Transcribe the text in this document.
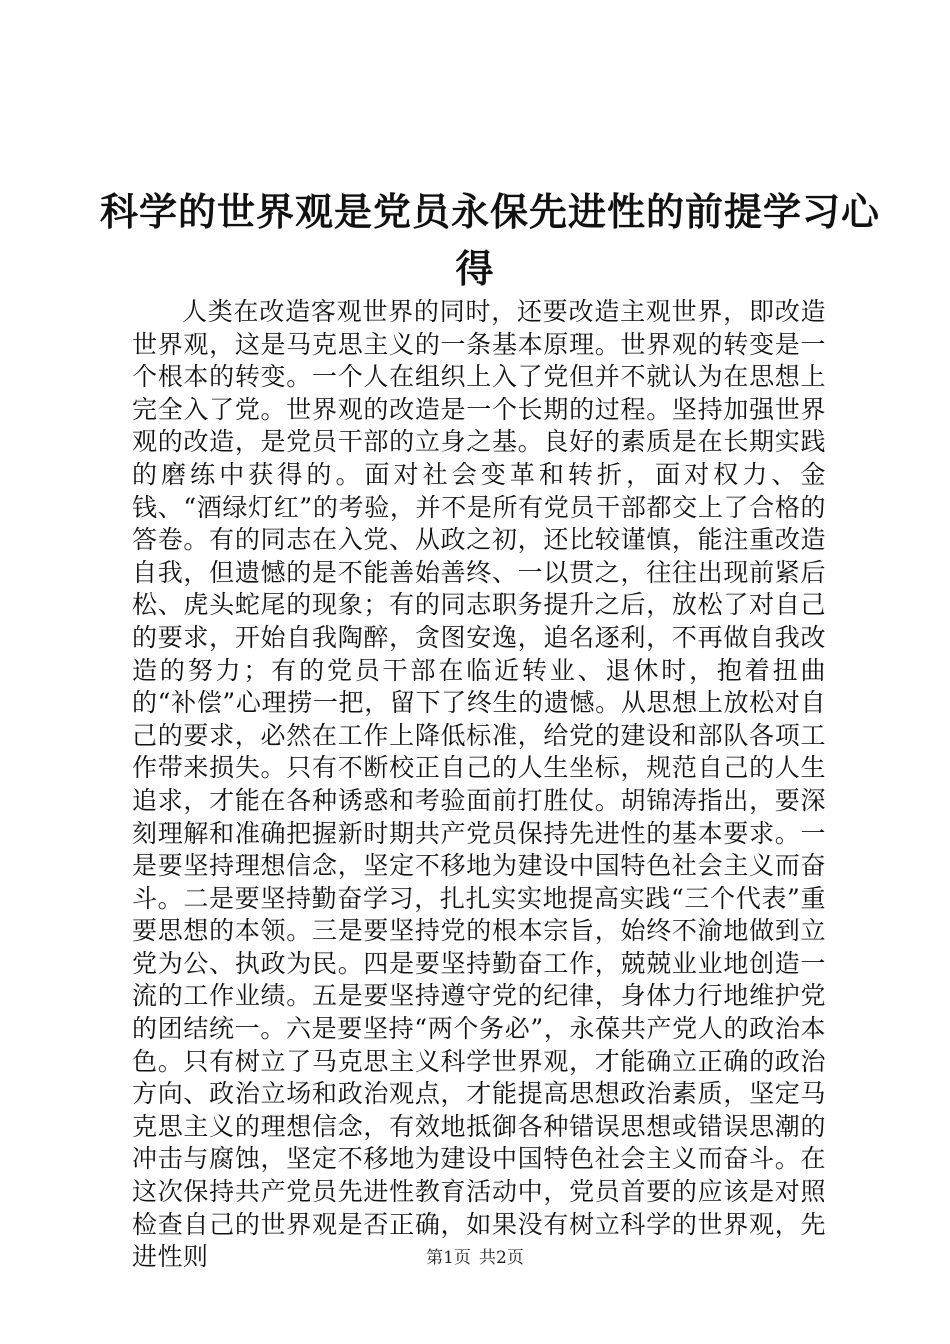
科学的世界观是党员永保先进性的前提学习心
得

人类在改造客观世界的同时，还要改造主观世界，即改造世界观，这是马克思主义的一条基本原理。世界观的转变是一个根本的转变。一个人在组织上入了党但并不就认为在思想上完全入了党。世界观的改造是一个长期的过程。坚持加强世界观的改造，是党员干部的立身之基。良好的素质是在长期实践的磨练中获得的。面对社会变革和转折，面对权力、金钱、“酒绿灯红”的考验，并不是所有党员干部都交上了合格的答卷。有的同志在入党、从政之初，还比较谨慎，能注重改造自我，但遗憾的是不能善始善终、一以贯之，往往出现前紧后松、虎头蛇尾的现象；有的同志职务提升之后，放松了对自己的要求，开始自我陶醉，贪图安逸，追名逐利，不再做自我改造的努力；有的党员干部在临近转业、退休时，抱着扭曲的“补偿”心理捞一把，留下了终生的遗憾。从思想上放松对自己的要求，必然在工作上降低标准，给党的建设和部队各项工作带来损失。只有不断校正自己的人生坐标，规范自己的人生追求，才能在各种诱惑和考验面前打胜仗。胡锦涛指出，要深刻理解和准确把握新时期共产党员保持先进性的基本要求。一是要坚持理想信念，坚定不移地为建设中国特色社会主义而奋斗。二是要坚持勤奋学习，扎扎实实地提高实践“三个代表”重要思想的本领。三是要坚持党的根本宗旨，始终不渝地做到立党为公、执政为民。四是要坚持勤奋工作，兢兢业业地创造一流的工作业绩。五是要坚持遵守党的纪律，身体力行地维护党的团结统一。六是要坚持“两个务必”，永葆共产党人的政治本色。只有树立了马克思主义科学世界观，才能确立正确的政治方向、政治立场和政治观点，才能提高思想政治素质，坚定马克思主义的理想信念，有效地抵御各种错误思想或错误思潮的冲击与腐蚀，坚定不移地为建设中国特色社会主义而奋斗。在这次保持共产党员先进性教育活动中，党员首要的应该是对照检查自己的世界观是否正确，如果没有树立科学的世界观，先进性则	第1页 共2页
